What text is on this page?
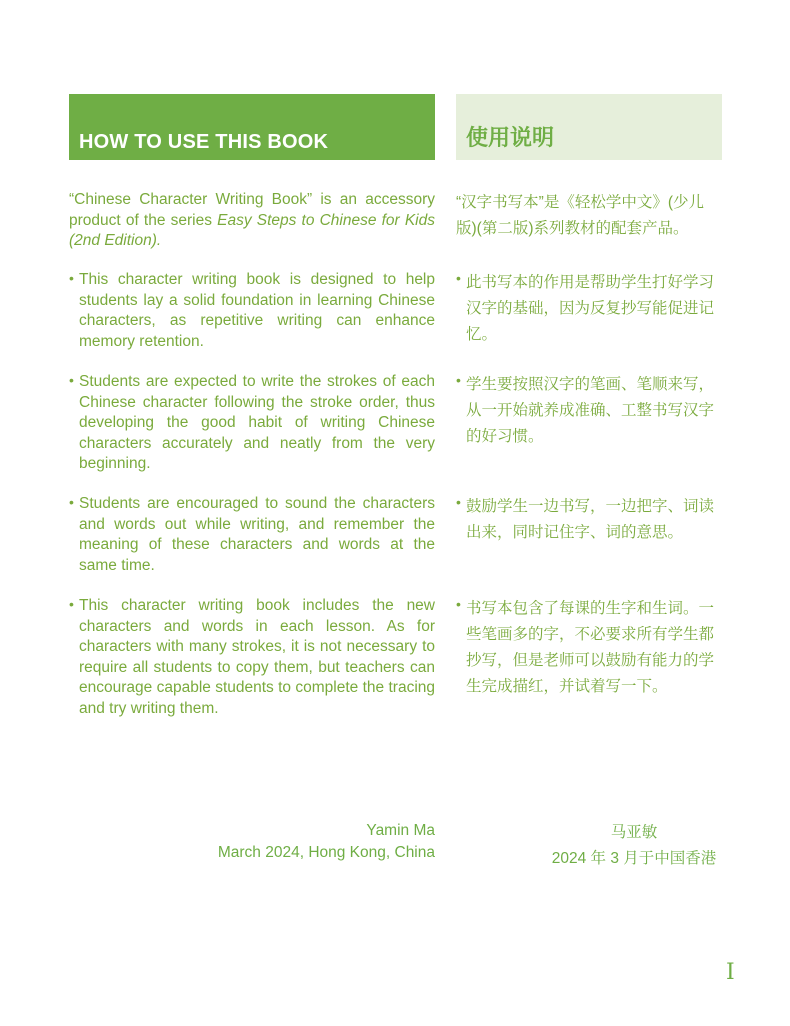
HOW TO USE THIS BOOK
“Chinese Character Writing Book” is an accessory product of the series Easy Steps to Chinese for Kids (2nd Edition).
• This character writing book is designed to help students lay a solid foundation in learning Chinese characters, as repetitive writing can enhance memory retention.
• Students are expected to write the strokes of each Chinese character following the stroke order, thus developing the good habit of writing Chinese characters accurately and neatly from the very beginning.
• Students are encouraged to sound the characters and words out while writing, and remember the meaning of these characters and words at the same time.
• This character writing book includes the new characters and words in each lesson. As for characters with many strokes, it is not necessary to require all students to copy them, but teachers can encourage capable students to complete the tracing and try writing them.
使用说明
“汉字书写本”是《轻松学中文》(少儿版)(第二版)系列教材的配套产品。
• 此书写本的作用是帮助学生打好学习汉字的基础，因为反复抄写能促进记忆。
• 学生要按照汉字的笔画、笔顺来写，从一开始就养成准确、工整书写汉字的好习惯。
• 鼓励学生一边书写，一边把字、词读出来，同时记住字、词的意思。
• 书写本包含了每课的生字和生词。一些笔画多的字，不必要求所有学生都抄写，但是老师可以鼓励有能力的学生完成描红，并试着写一下。
Yamin Ma
March 2024, Hong Kong, China
马亚敏
2024 年 3 月于中国香港
I
